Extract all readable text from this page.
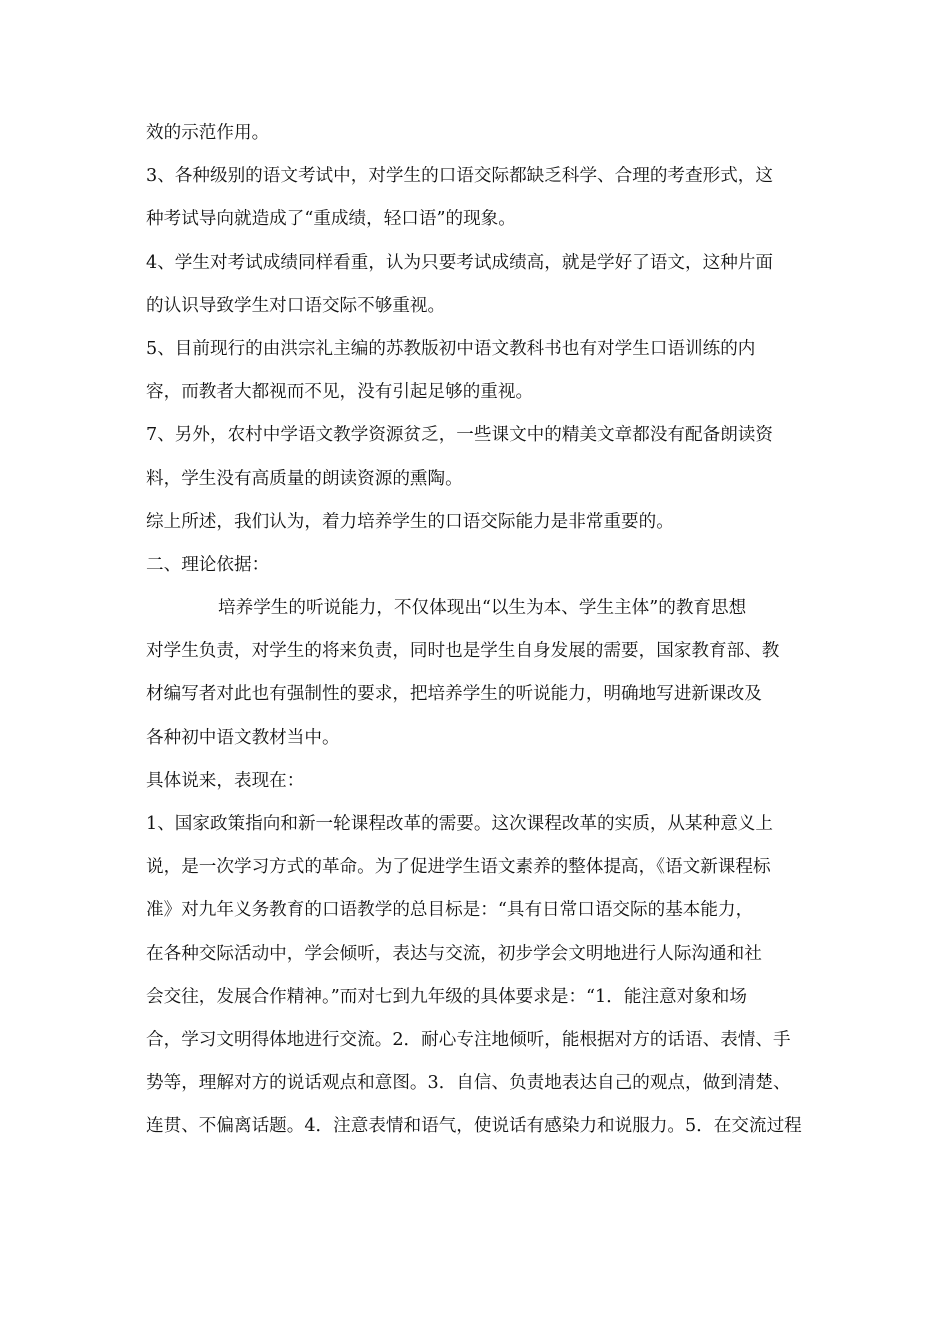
效的示范作用。
3、各种级别的语文考试中，对学生的口语交际都缺乏科学、合理的考查形式，这
种考试导向就造成了“重成绩，轻口语”的现象。
4、学生对考试成绩同样看重，认为只要考试成绩高，就是学好了语文，这种片面
的认识导致学生对口语交际不够重视。
5、目前现行的由洪宗礼主编的苏教版初中语文教科书也有对学生口语训练的内
容，而教者大都视而不见，没有引起足够的重视。
7、另外，农村中学语文教学资源贫乏，一些课文中的精美文章都没有配备朗读资
料，学生没有高质量的朗读资源的熏陶。
综上所述，我们认为，着力培养学生的口语交际能力是非常重要的。
二、理论依据：
培养学生的听说能力，不仅体现出“以生为本、学生主体”的教育思想
对学生负责，对学生的将来负责，同时也是学生自身发展的需要，国家教育部、教
材编写者对此也有强制性的要求，把培养学生的听说能力，明确地写进新课改及
各种初中语文教材当中。
具体说来，表现在：
1、国家政策指向和新一轮课程改革的需要。这次课程改革的实质，从某种意义上
说，是一次学习方式的革命。为了促进学生语文素养的整体提高，《语文新课程标
准》对九年义务教育的口语教学的总目标是：“具有日常口语交际的基本能力，
在各种交际活动中，学会倾听，表达与交流，初步学会文明地进行人际沟通和社
会交往，发展合作精神。”而对七到九年级的具体要求是：“1．能注意对象和场
合，学习文明得体地进行交流。2．耐心专注地倾听，能根据对方的话语、表情、手
势等，理解对方的说话观点和意图。3．自信、负责地表达自己的观点，做到清楚、
连贯、不偏离话题。4．注意表情和语气，使说话有感染力和说服力。5．在交流过程
